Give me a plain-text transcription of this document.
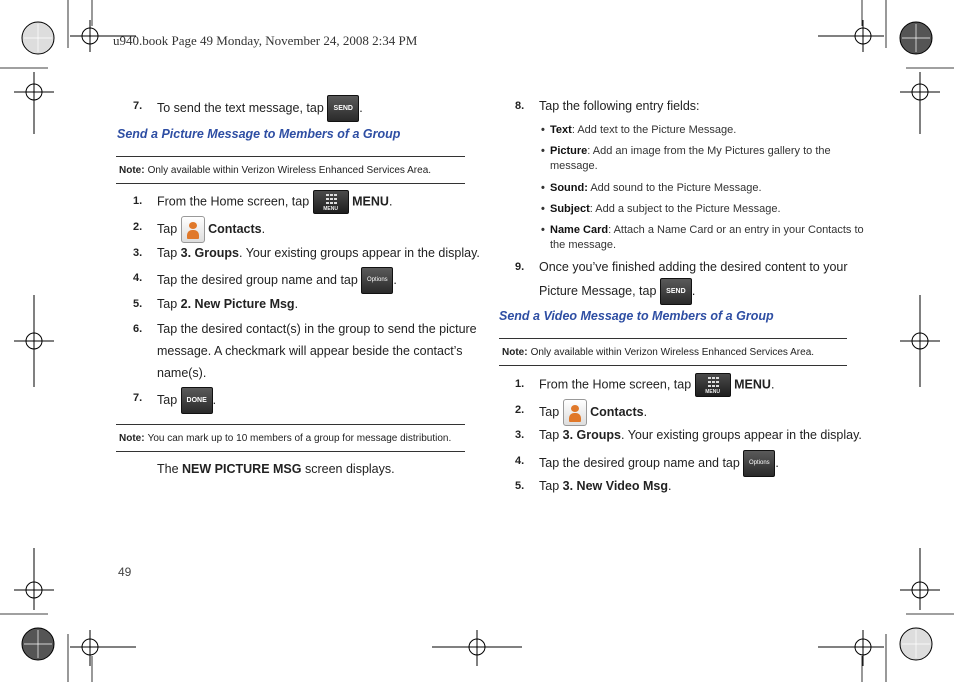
u940.book Page 49 Monday, November 24, 2008 2:34 PM
49
7. To send the text message, tap SEND .
Send a Picture Message to Members of a Group
Note: Only available within Verizon Wireless Enhanced Services Area.
1. From the Home screen, tap
MENU
MENU.
2. Tap Contacts.
3. Tap 3. Groups. Your existing groups appear in the display.
4. Tap the desired group name and tap Options .
5. Tap 2. New Picture Msg.
6. Tap the desired contact(s) in the group to send the picture
message. A checkmark will appear beside the contact’s
name(s).
7. Tap DONE .
Note: You can mark up to 10 members of a group for message distribution.
The NEW PICTURE MSG screen displays.
8. Tap the following entry fields:
• Text: Add text to the Picture Message.
• Picture: Add an image from the My Pictures gallery to the
message.
• Sound: Add sound to the Picture Message.
• Subject: Add a subject to the Picture Message.
• Name Card: Attach a Name Card or an entry in your Contacts to
the message.
9. Once you’ve finished adding the desired content to your
Picture Message, tap SEND .
Send a Video Message to Members of a Group
Note: Only available within Verizon Wireless Enhanced Services Area.
1. From the Home screen, tap
MENU
MENU.
2. Tap Contacts.
3. Tap 3. Groups. Your existing groups appear in the display.
4. Tap the desired group name and tap Options .
5. Tap 3. New Video Msg.
